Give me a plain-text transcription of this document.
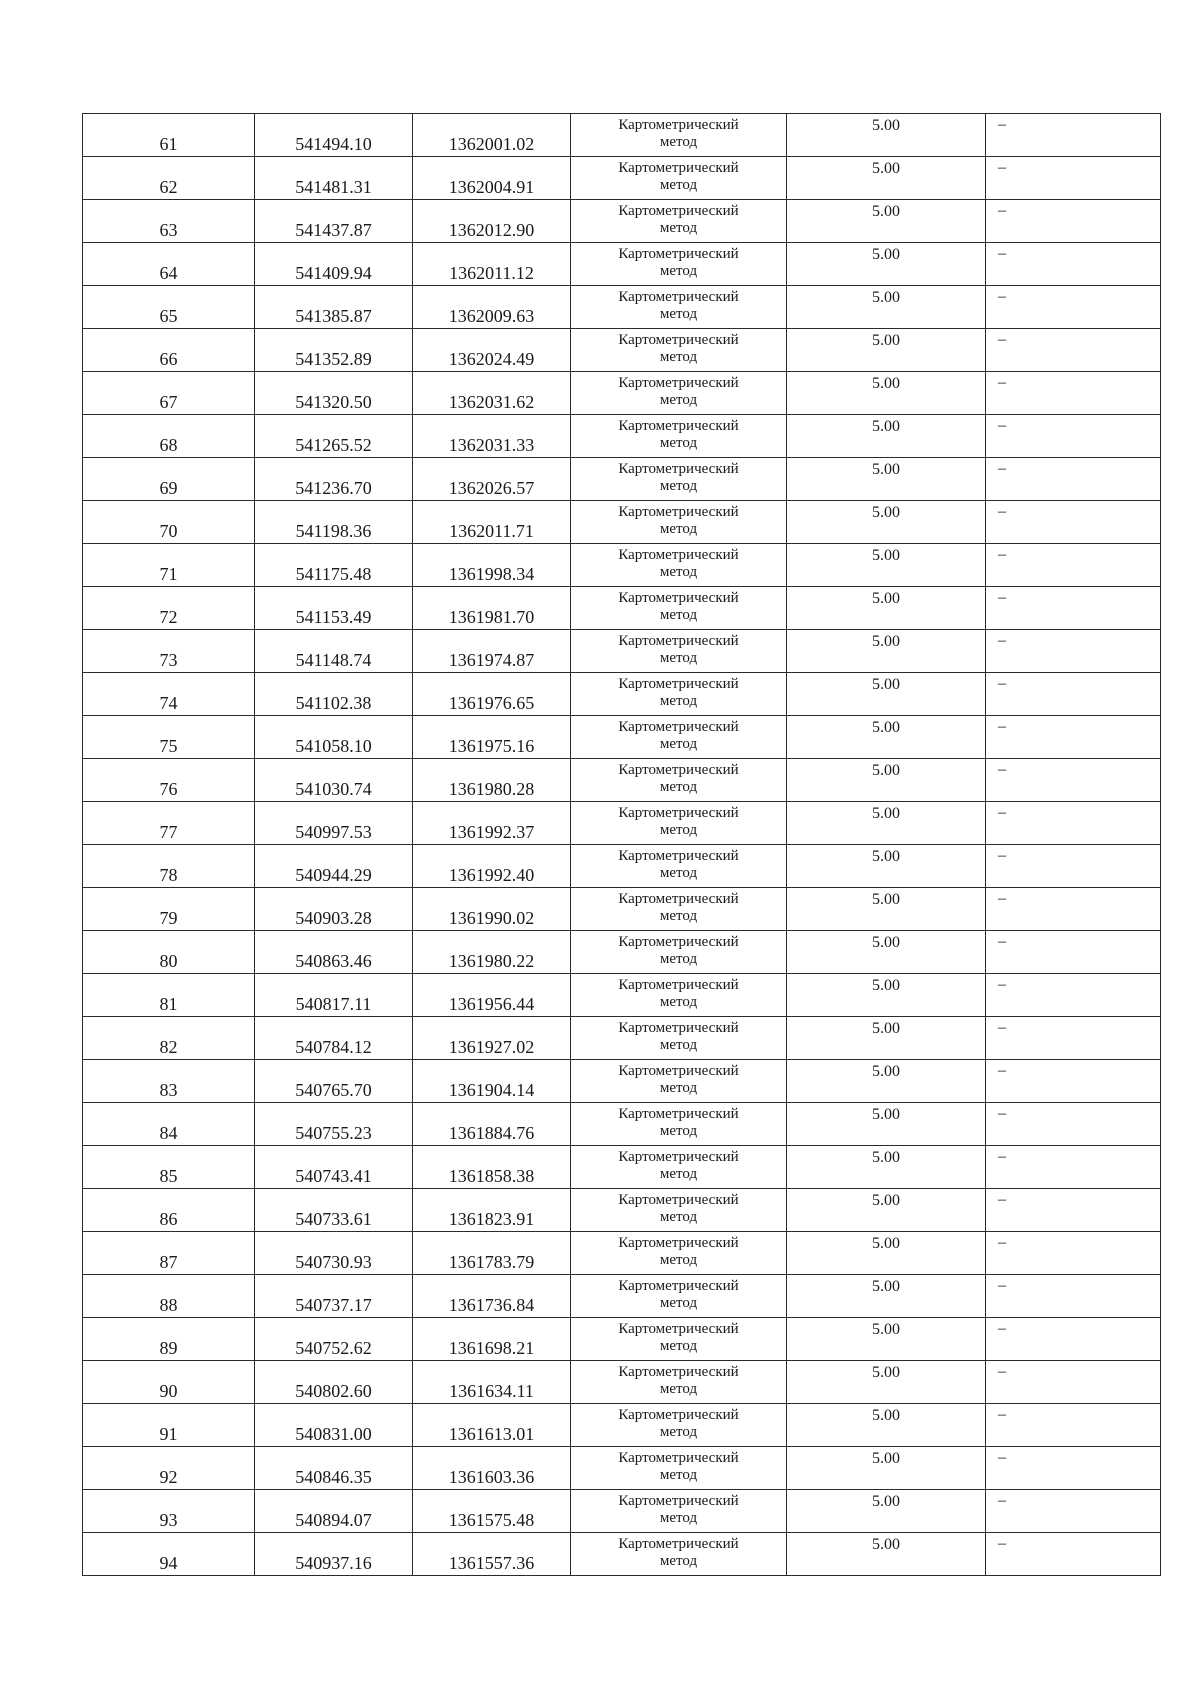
61	541494.10	1362001.02	Картометрический
метод	5.00	–

62	541481.31	1362004.91	Картометрический
метод	5.00	–

63	541437.87	1362012.90	Картометрический
метод	5.00	–

64	541409.94	1362011.12	Картометрический
метод	5.00	–

65	541385.87	1362009.63	Картометрический
метод	5.00	–

66	541352.89	1362024.49	Картометрический
метод	5.00	–

67	541320.50	1362031.62	Картометрический
метод	5.00	–

68	541265.52	1362031.33	Картометрический
метод	5.00	–

69	541236.70	1362026.57	Картометрический
метод	5.00	–

70	541198.36	1362011.71	Картометрический
метод	5.00	–

71	541175.48	1361998.34	Картометрический
метод	5.00	–

72	541153.49	1361981.70	Картометрический
метод	5.00	–

73	541148.74	1361974.87	Картометрический
метод	5.00	–

74	541102.38	1361976.65	Картометрический
метод	5.00	–

75	541058.10	1361975.16	Картометрический
метод	5.00	–

76	541030.74	1361980.28	Картометрический
метод	5.00	–

77	540997.53	1361992.37	Картометрический
метод	5.00	–

78	540944.29	1361992.40	Картометрический
метод	5.00	–

79	540903.28	1361990.02	Картометрический
метод	5.00	–

80	540863.46	1361980.22	Картометрический
метод	5.00	–

81	540817.11	1361956.44	Картометрический
метод	5.00	–

82	540784.12	1361927.02	Картометрический
метод	5.00	–

83	540765.70	1361904.14	Картометрический
метод	5.00	–

84	540755.23	1361884.76	Картометрический
метод	5.00	–

85	540743.41	1361858.38	Картометрический
метод	5.00	–

86	540733.61	1361823.91	Картометрический
метод	5.00	–

87	540730.93	1361783.79	Картометрический
метод	5.00	–

88	540737.17	1361736.84	Картометрический
метод	5.00	–

89	540752.62	1361698.21	Картометрический
метод	5.00	–

90	540802.60	1361634.11	Картометрический
метод	5.00	–

91	540831.00	1361613.01	Картометрический
метод	5.00	–

92	540846.35	1361603.36	Картометрический
метод	5.00	–

93	540894.07	1361575.48	Картометрический
метод	5.00	–

94	540937.16	1361557.36	Картометрический
метод	5.00	–
